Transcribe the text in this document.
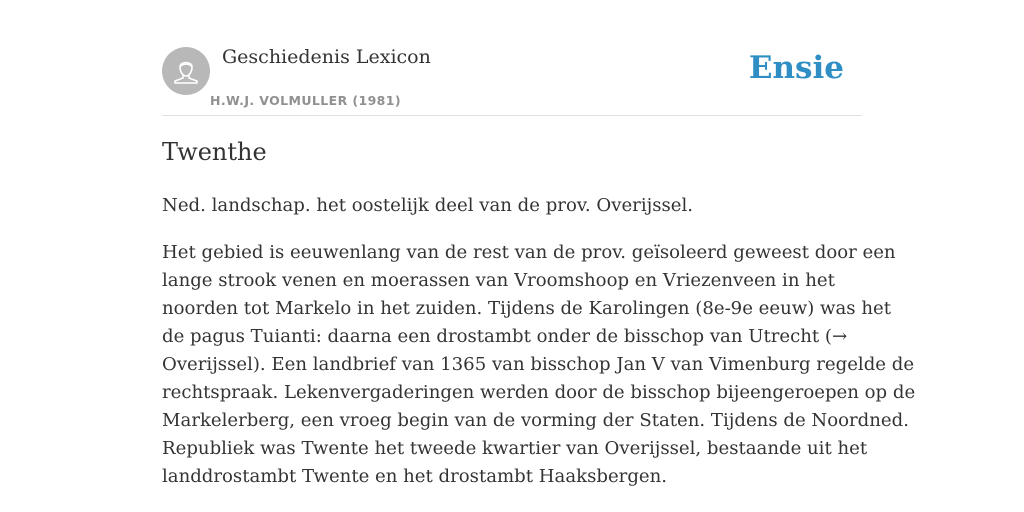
Geschiedenis Lexicon
H.W.J. VOLMULLER (1981)
Ensie
Twenthe

Ned. landschap. het oostelijk deel van de prov. Overijssel.

Het gebied is eeuwenlang van de rest van de prov. geïsoleerd geweest door een
lange strook venen en moerassen van Vroomshoop en Vriezenveen in het
noorden tot Markelo in het zuiden. Tijdens de Karolingen (8e-9e eeuw) was het
de pagus Tuianti: daarna een drostambt onder de bisschop van Utrecht (→
Overijssel). Een landbrief van 1365 van bisschop Jan V van Vimenburg regelde de
rechtspraak. Lekenvergaderingen werden door de bisschop bijeengeroepen op de
Markelerberg, een vroeg begin van de vorming der Staten. Tijdens de Noordned.
Republiek was Twente het tweede kwartier van Overijssel, bestaande uit het
landdrostambt Twente en het drostambt Haaksbergen.
